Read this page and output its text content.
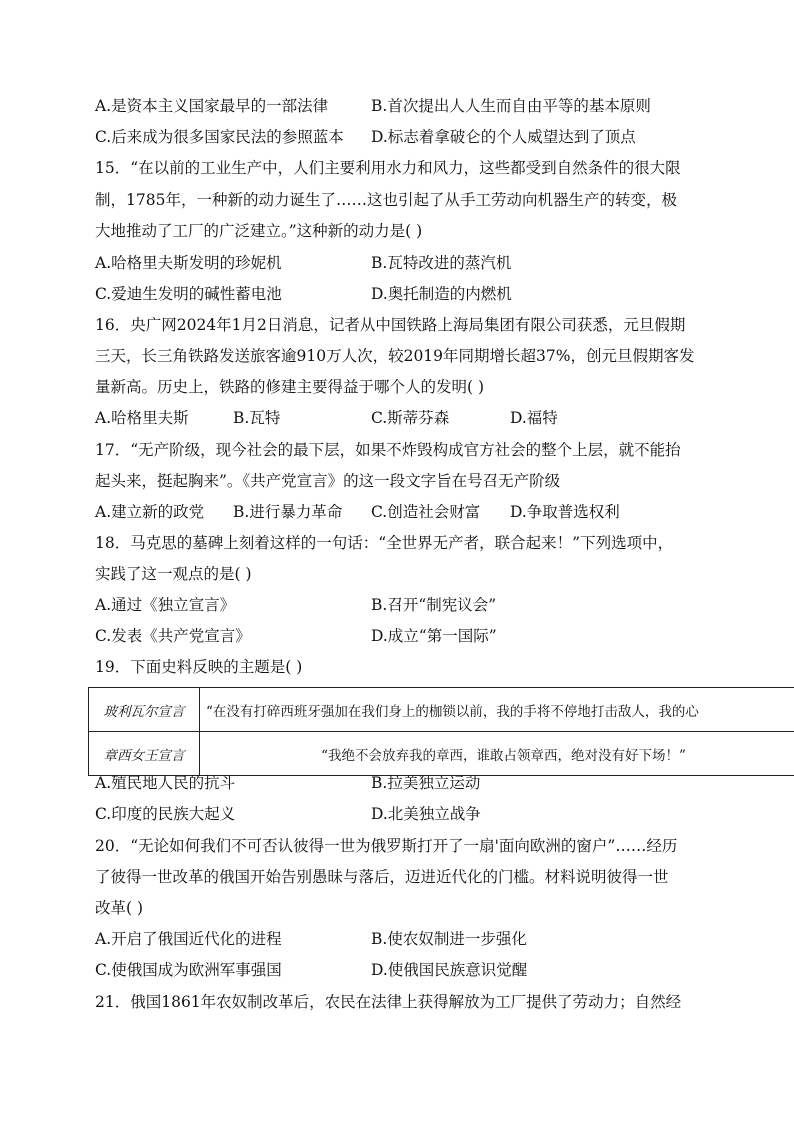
A.是资本主义国家最早的一部法律	B.首次提出人人生而自由平等的基本原则
C.后来成为很多国家民法的参照蓝本 D.标志着拿破仑的个人威望达到了顶点
15．“在以前的工业生产中，人们主要利用水力和风力，这些都受到自然条件的很大限
制，1785年，一种新的动力诞生了……这也引起了从手工劳动向机器生产的转变，极
大地推动了工厂的广泛建立。”这种新的动力是( )
A.哈格里夫斯发明的珍妮机	B.瓦特改进的蒸汽机
C.爱迪生发明的碱性蓄电池	D.奥托制造的内燃机
16．央广网2024年1月2日消息，记者从中国铁路上海局集团有限公司获悉，元旦假期
三天，长三角铁路发送旅客逾910万人次，较2019年同期增长超37%，创元旦假期客发
量新高。历史上，铁路的修建主要得益于哪个人的发明( )
A.哈格里夫斯	B.瓦特	C.斯蒂芬森	D.福特
17．“无产阶级，现今社会的最下层，如果不炸毁构成官方社会的整个上层，就不能抬
起头来，挺起胸来”。《共产党宣言》的这一段文字旨在号召无产阶级
A.建立新的政党 B.进行暴力革命 C.创造社会财富 D.争取普选权利
18．马克思的墓碑上刻着这样的一句话：“全世界无产者，联合起来！”下列选项中，
实践了这一观点的是( )
A.通过《独立宣言》	B.召开“制宪议会”
C.发表《共产党宣言》	D.成立“第一国际”
19．下面史料反映的主题是( )
玻利瓦尔宣言	“在没有打碎西班牙强加在我们身上的枷锁以前，我的手将不停地打击敌人，我的心
章西女王宣言	“我绝不会放弃我的章西，谁敢占领章西，绝对没有好下场！”
A.殖民地人民的抗斗	B.拉美独立运动
C.印度的民族大起义	D.北美独立战争
20．“无论如何我们不可否认彼得一世为俄罗斯打开了一扇'面向欧洲的窗户”……经历
了彼得一世改革的俄国开始告别愚昧与落后，迈进近代化的门槛。材料说明彼得一世
改革( )
A.开启了俄国近代化的进程	B.使农奴制进一步强化
C.使俄国成为欧洲军事强国	D.使俄国民族意识觉醒
21．俄国1861年农奴制改革后，农民在法律上获得解放为工厂提供了劳动力；自然经
